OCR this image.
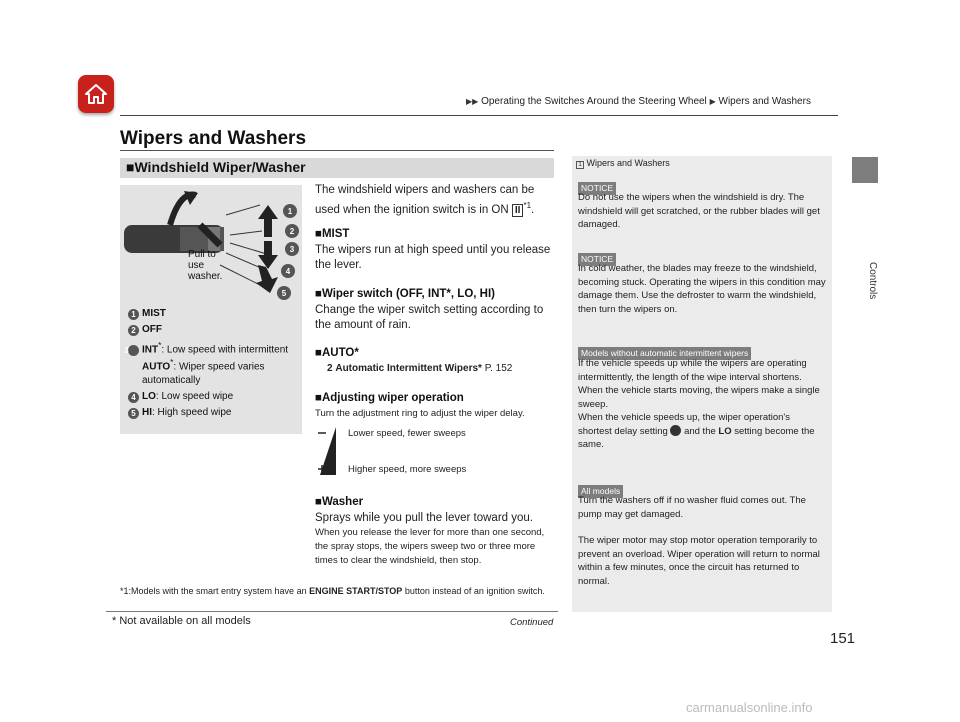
▶▶ Operating the Switches Around the Steering Wheel ▶ Wipers and Washers
Controls
Wipers and Washers
■Windshield Wiper/Washer
1
2
3
4
5
Pull to
use
washer.
1 MIST
2 OFF
3 INT*: Low speed with intermittent
AUTO*: Wiper speed varies automatically
4 LO: Low speed wipe
5 HI: High speed wipe
The windshield wipers and washers can be
used when the ignition switch is in ON II $^{*1}$.
■MIST
The wipers run at high speed until you release the lever.
■Wiper switch (OFF, INT*, LO, HI)
Change the wiper switch setting according to the amount of rain.
■AUTO*
2 Automatic Intermittent Wipers* P. 152
■Adjusting wiper operation
Turn the adjustment ring to adjust the wiper delay.
Lower speed, fewer sweeps
Higher speed, more sweeps
■Washer
Sprays while you pull the lever toward you.
When you release the lever for more than one second, the spray stops, the wipers sweep two or three more times to clear the windshield, then stop.
*1:Models with the smart entry system have an ENGINE START/STOP button instead of an ignition switch.
1 Wipers and Washers
NOTICE
Do not use the wipers when the windshield is dry. The windshield will get scratched, or the rubber blades will get damaged.
NOTICE
In cold weather, the blades may freeze to the windshield, becoming stuck. Operating the wipers in this condition may damage them. Use the defroster to warm the windshield, then turn the wipers on.
Models without automatic intermittent wipers
If the vehicle speeds up while the wipers are operating intermittently, the length of the wipe interval shortens.
When the vehicle starts moving, the wipers make a single sweep.
When the vehicle speeds up, the wiper operation's shortest delay setting and the LO setting become the same.
All models
Turn the washers off if no washer fluid comes out. The pump may get damaged.
The wiper motor may stop motor operation temporarily to prevent an overload. Wiper operation will return to normal within a few minutes, once the circuit has returned to normal.
* Not available on all models	Continued
151
carmanualsonline.info
